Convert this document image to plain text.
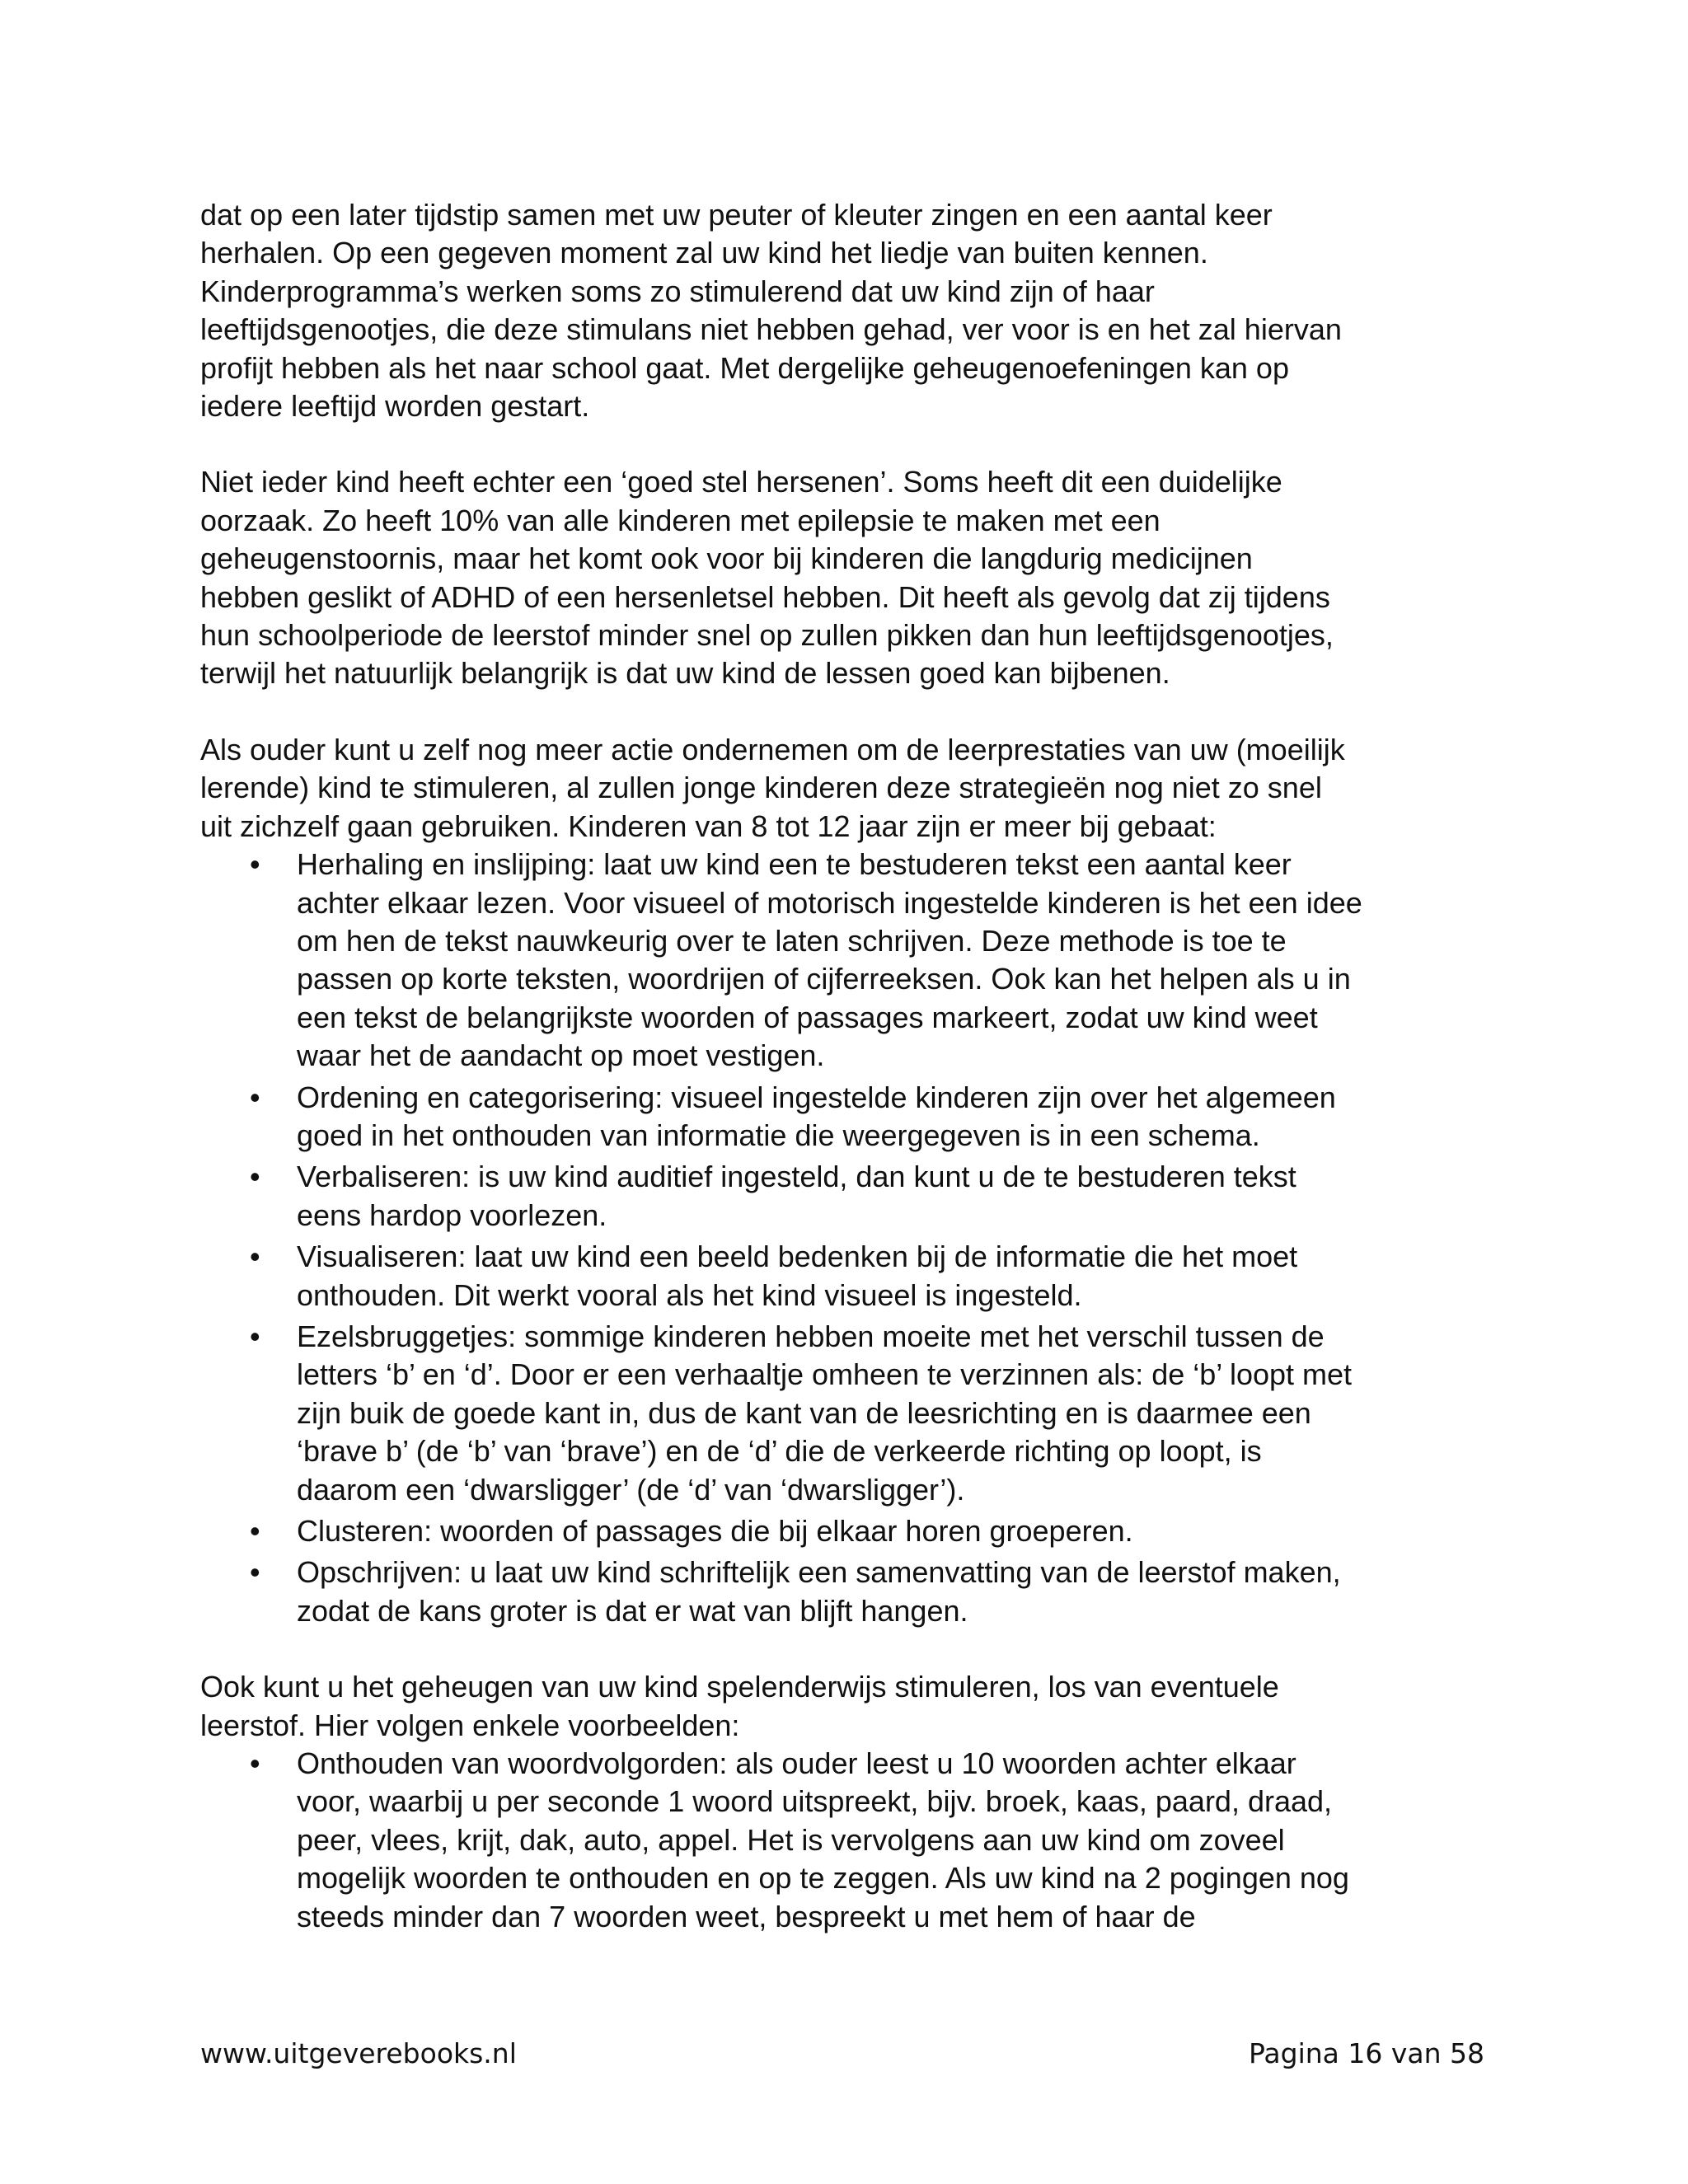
dat op een later tijdstip samen met uw peuter of kleuter zingen en een aantal keer
herhalen. Op een gegeven moment zal uw kind het liedje van buiten kennen.
Kinderprogramma’s werken soms zo stimulerend dat uw kind zijn of haar
leeftijdsgenootjes, die deze stimulans niet hebben gehad, ver voor is en het zal hiervan
profijt hebben als het naar school gaat. Met dergelijke geheugenoefeningen kan op
iedere leeftijd worden gestart.

Niet ieder kind heeft echter een ‘goed stel hersenen’. Soms heeft dit een duidelijke
oorzaak. Zo heeft 10% van alle kinderen met epilepsie te maken met een
geheugenstoornis, maar het komt ook voor bij kinderen die langdurig medicijnen
hebben geslikt of ADHD of een hersenletsel hebben. Dit heeft als gevolg dat zij tijdens
hun schoolperiode de leerstof minder snel op zullen pikken dan hun leeftijdsgenootjes,
terwijl het natuurlijk belangrijk is dat uw kind de lessen goed kan bijbenen.

Als ouder kunt u zelf nog meer actie ondernemen om de leerprestaties van uw (moeilijk
lerende) kind te stimuleren, al zullen jonge kinderen deze strategieën nog niet zo snel
uit zichzelf gaan gebruiken. Kinderen van 8 tot 12 jaar zijn er meer bij gebaat:

• Herhaling en inslijping: laat uw kind een te bestuderen tekst een aantal keer
achter elkaar lezen. Voor visueel of motorisch ingestelde kinderen is het een idee
om hen de tekst nauwkeurig over te laten schrijven. Deze methode is toe te
passen op korte teksten, woordrijen of cijferreeksen. Ook kan het helpen als u in
een tekst de belangrijkste woorden of passages markeert, zodat uw kind weet
waar het de aandacht op moet vestigen.
• Ordening en categorisering: visueel ingestelde kinderen zijn over het algemeen
goed in het onthouden van informatie die weergegeven is in een schema.
• Verbaliseren: is uw kind auditief ingesteld, dan kunt u de te bestuderen tekst
eens hardop voorlezen.
• Visualiseren: laat uw kind een beeld bedenken bij de informatie die het moet
onthouden. Dit werkt vooral als het kind visueel is ingesteld.
• Ezelsbruggetjes: sommige kinderen hebben moeite met het verschil tussen de
letters ‘b’ en ‘d’. Door er een verhaaltje omheen te verzinnen als: de ‘b’ loopt met
zijn buik de goede kant in, dus de kant van de leesrichting en is daarmee een
‘brave b’ (de ‘b’ van ‘brave’) en de ‘d’ die de verkeerde richting op loopt, is
daarom een ‘dwarsligger’ (de ‘d’ van ‘dwarsligger’).
• Clusteren: woorden of passages die bij elkaar horen groeperen.
• Opschrijven: u laat uw kind schriftelijk een samenvatting van de leerstof maken,
zodat de kans groter is dat er wat van blijft hangen.

Ook kunt u het geheugen van uw kind spelenderwijs stimuleren, los van eventuele
leerstof. Hier volgen enkele voorbeelden:

• Onthouden van woordvolgorden: als ouder leest u 10 woorden achter elkaar
voor, waarbij u per seconde 1 woord uitspreekt, bijv. broek, kaas, paard, draad,
peer, vlees, krijt, dak, auto, appel. Het is vervolgens aan uw kind om zoveel
mogelijk woorden te onthouden en op te zeggen. Als uw kind na 2 pogingen nog
steeds minder dan 7 woorden weet, bespreekt u met hem of haar de
www.uitgeverebooks.nl	Pagina 16 van 58
